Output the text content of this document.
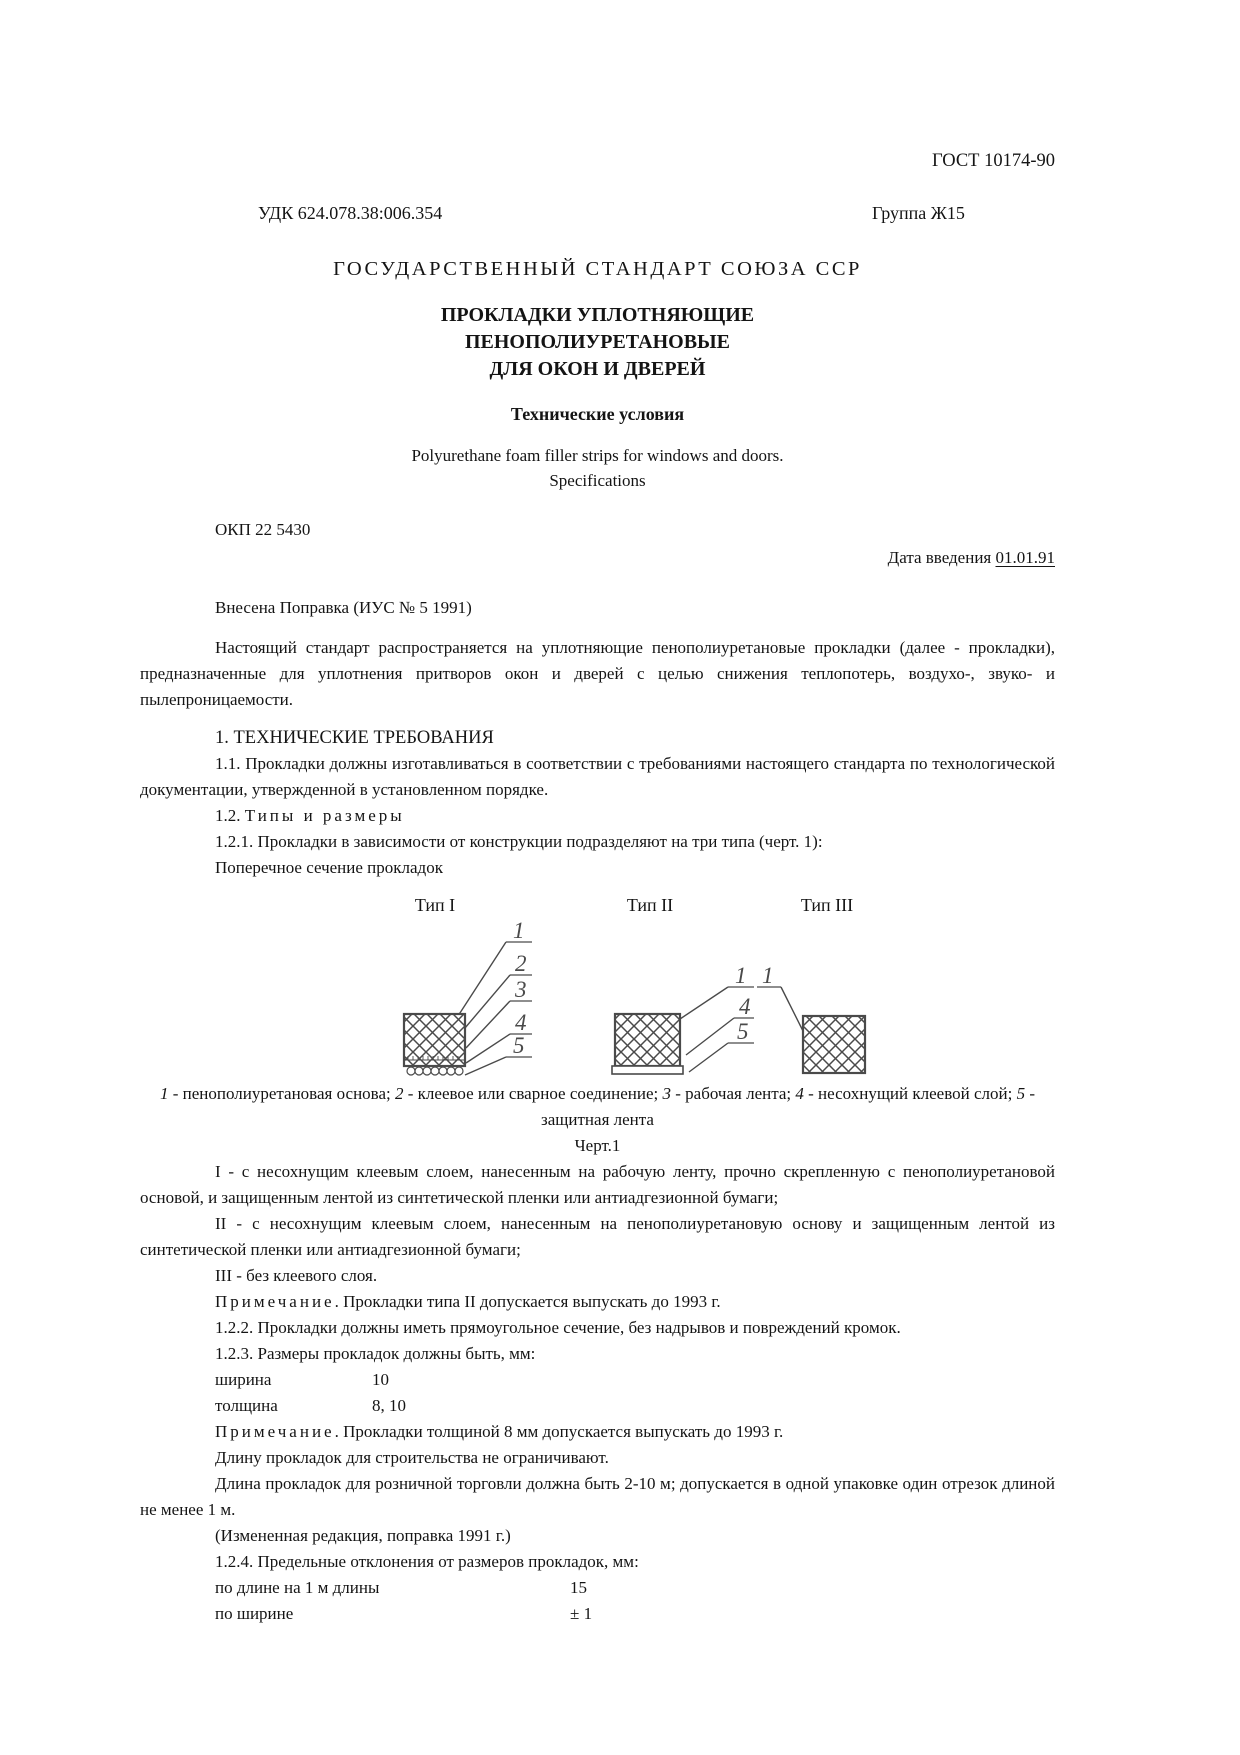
ГОСТ 10174-90
УДК 624.078.38:006.354	Группа Ж15
ГОСУДАРСТВЕННЫЙ СТАНДАРТ СОЮЗА ССР
ПРОКЛАДКИ УПЛОТНЯЮЩИЕ
ПЕНОПОЛИУРЕТАНОВЫЕ
ДЛЯ ОКОН И ДВЕРЕЙ
Технические условия
Polyurethane foam filler strips for windows and doors.
Specifications
ОКП 22 5430
Дата введения 01.01.91
Внесена Поправка (ИУС № 5 1991)

Настоящий стандарт распространяется на уплотняющие пенополиуретановые прокладки (далее - прокладки), предназначенные для уплотнения притворов окон и дверей с целью снижения теплопотерь, воздухо-, звуко- и пылепроницаемости.

1. ТЕХНИЧЕСКИЕ ТРЕБОВАНИЯ

1.1. Прокладки должны изготавливаться в соответствии с требованиями настоящего стандарта по технологической документации, утвержденной в установленном порядке.

1.2. Типы и размеры
1.2.1. Прокладки в зависимости от конструкции подразделяют на три типа (черт. 1):
Поперечное сечение прокладок
Тип I	Тип II	Тип III
1
2
3
4
5
1
4
5
1

1 - пенополиуретановая основа; 2 - клеевое или сварное соединение; 3 - рабочая лента; 4 - несохнущий клеевой слой; 5 - защитная лента

Черт.1

I - с несохнущим клеевым слоем, нанесенным на рабочую ленту, прочно скрепленную с пенополиуретановой основой, и защищенным лентой из синтетической пленки или антиадгезионной бумаги;

II - с несохнущим клеевым слоем, нанесенным на пенополиуретановую основу и защищенным лентой из синтетической пленки или антиадгезионной бумаги;

III - без клеевого слоя.

Примечание. Прокладки типа II допускается выпускать до 1993 г.
1.2.2. Прокладки должны иметь прямоугольное сечение, без надрывов и повреждений кромок.
1.2.3. Размеры прокладок должны быть, мм:
ширина	10
толщина	8, 10
Примечание. Прокладки толщиной 8 мм допускается выпускать до 1993 г.
Длину прокладок для строительства не ограничивают.

Длина прокладок для розничной торговли должна быть 2-10 м; допускается в одной упаковке один отрезок длиной не менее 1 м.

(Измененная редакция, поправка 1991 г.)
1.2.4. Предельные отклонения от размеров прокладок, мм:
по длине на 1 м длины	15
по ширине	± 1
